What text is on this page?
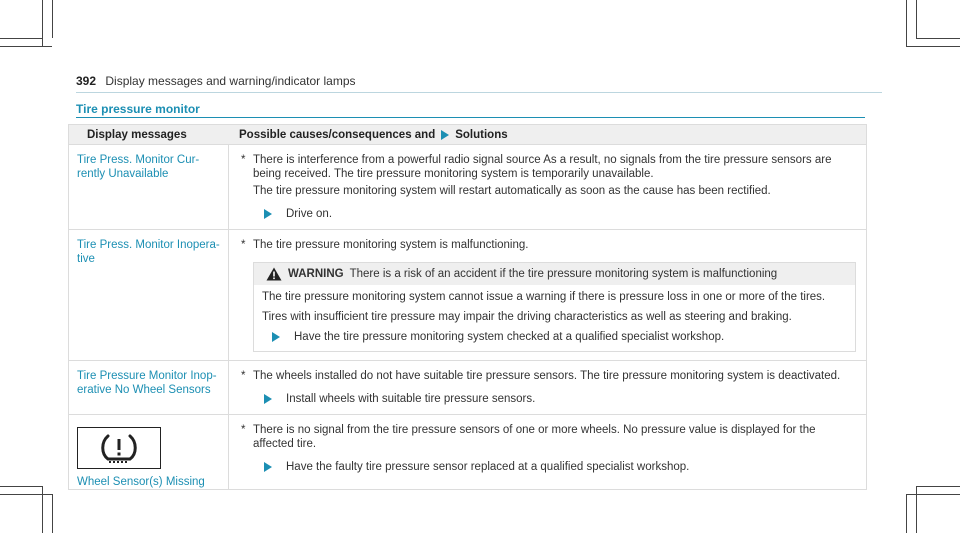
392 Display messages and warning/indicator lamps
Tire pressure monitor
Display messages	Possible causes/consequences and Solutions
Tire Press. Monitor Cur-
rently Unavailable
* There is interference from a powerful radio signal source As a result, no signals from the tire pressure sensors are being received. The tire pressure monitoring system is temporarily unavailable.
The tire pressure monitoring system will restart automatically as soon as the cause has been rectified.
Drive on.
Tire Press. Monitor Inopera-
tive
* The tire pressure monitoring system is malfunctioning.
WARNING There is a risk of an accident if the tire pressure monitoring system is malfunctioning
The tire pressure monitoring system cannot issue a warning if there is pressure loss in one or more of the tires.
Tires with insufficient tire pressure may impair the driving characteristics as well as steering and braking.
Have the tire pressure monitoring system checked at a qualified specialist workshop.
Tire Pressure Monitor Inop-
erative No Wheel Sensors
* The wheels installed do not have suitable tire pressure sensors. The tire pressure monitoring system is deactivated.
Install wheels with suitable tire pressure sensors.
Wheel Sensor(s) Missing
* There is no signal from the tire pressure sensors of one or more wheels. No pressure value is displayed for the affected tire.
Have the faulty tire pressure sensor replaced at a qualified specialist workshop.
